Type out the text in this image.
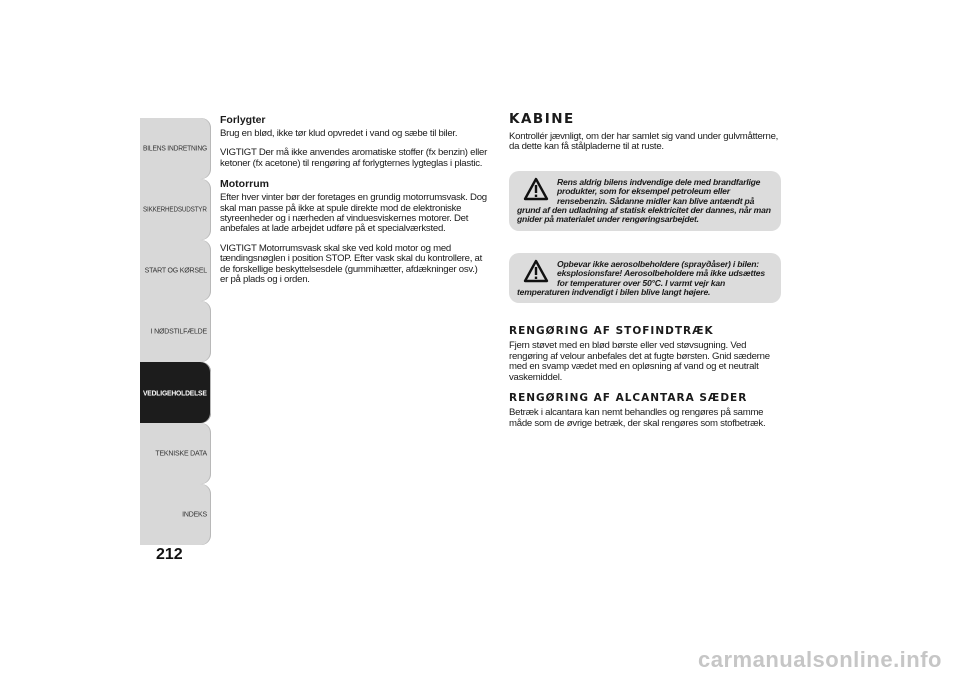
BILENS INDRETNING
SIKKERHEDSUDSTYR
START OG KØRSEL
I NØDSTILFÆLDE
VEDLIGEHOLDELSE
TEKNISKE DATA
INDEKS
212

Forlygter

Brug en blød, ikke tør klud opvredet i vand og sæbe til biler.

VIGTIGT Der må ikke anvendes aromatiske stoffer (fx benzin) eller ketoner (fx acetone) til rengøring af forlygternes lygteglas i plastic.

Motorrum

Efter hver vinter bør der foretages en grundig motorrumsvask. Dog skal man passe på ikke at spule direkte mod de elektroniske styreenheder og i nærheden af vinduesviskernes motorer. Det anbefales at lade arbejdet udføre på et specialværksted.

VIGTIGT Motorrumsvask skal ske ved kold motor og med tændingsnøglen i position STOP. Efter vask skal du kontrollere, at de forskellige beskyttelsesdele (gummihætter, afdækninger osv.) er på plads og i orden.

KABINE

Kontrollér jævnligt, om der har samlet sig vand under gulvmåtterne, da dette kan få stålpladerne til at ruste.

Rens aldrig bilens indvendige dele med brandfarlige produkter, som for eksempel petroleum eller rensebenzin. Sådanne midler kan blive antændt på
grund af den udladning af statisk elektricitet der dannes, når man gnider på materialet under rengøringsarbejdet.

Opbevar ikke aerosolbeholdere (sprayдåser) i bilen: eksplosionsfare! Aerosolbeholdere må ikke udsættes for temperaturer over 50°C. I varmt vejr kan
temperaturen indvendigt i bilen blive langt højere.

RENGØRING AF STOFINDTRÆK

Fjern støvet med en blød børste eller ved støvsugning. Ved rengøring af velour anbefales det at fugte børsten. Gnid sæderne med en svamp vædet med en opløsning af vand og et neutralt vaskemiddel.

RENGØRING AF ALCANTARA SÆDER

Betræk i alcantara kan nemt behandles og rengøres på samme måde som de øvrige betræk, der skal rengøres som stofbetræk.

carmanualsonline.info
